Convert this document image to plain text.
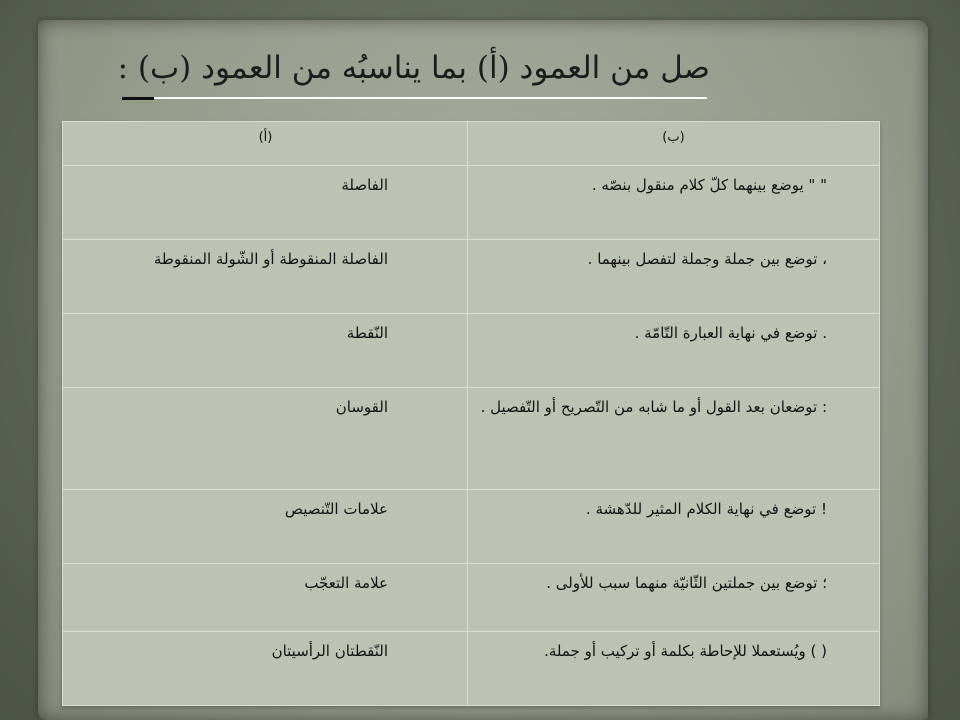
صل من العمود (أ) بما يناسبُه من العمود (ب) :
(ب)
(أ)
" " يوضع بينهما كلّ كلام منقول بنصّه .
الفاصلة
، توضع بين جملة وجملة لتفصل بينهما .
الفاصلة المنقوطة أو الشّولة المنقوطة
. توضع في نهاية العبارة التّامّة .
النّقطة
: توضعان بعد القول أو ما شابه من التّصريح أو التّفصيل .
القوسان
! توضع في نهاية الكلام المثير للدّهشة .
علامات التّنصيص
؛ توضع بين جملتين الثّانيّة منهما سبب للأولى .
علامة التعجّب
( ) ويُستعملا للإحاطة بكلمة أو تركيب أو جملة.
النّقطتان الرأسيتان
